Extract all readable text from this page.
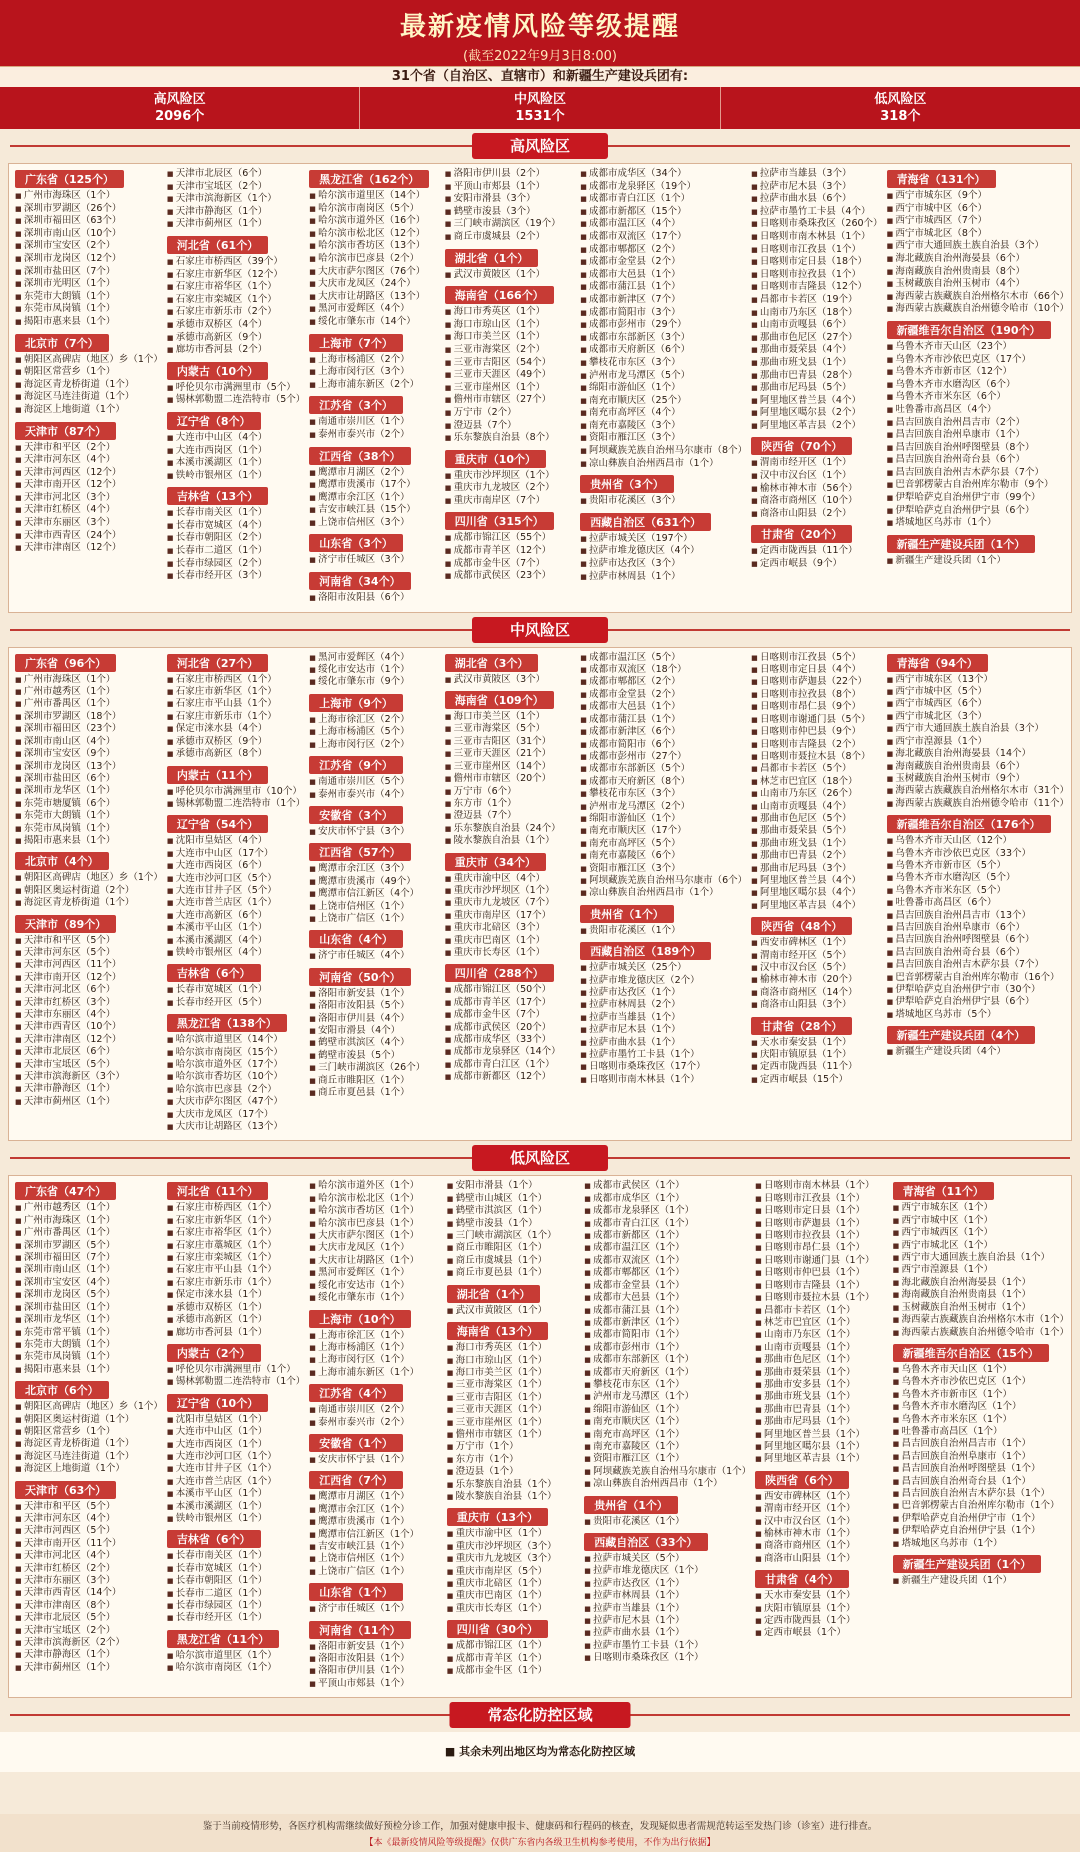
最新疫情风险等级提醒
(截至2022年9月3日8:00)
31个省（自治区、直辖市）和新疆生产建设兵团有:
高风险区
2096个
中风险区
1531个
低风险区
318个
高风险区
广东省（125个）
■ 广州市海珠区（1个）
■ 深圳市罗湖区（26个）
■ 深圳市福田区（63个）
■ 深圳市南山区（10个）
■ 深圳市宝安区（2个）
■ 深圳市龙岗区（12个）
■ 深圳市盐田区（7个）
■ 深圳市光明区（1个）
■ 东莞市大朗镇（1个）
■ 东莞市凤岗镇（1个）
■ 揭阳市惠来县（1个）
北京市（7个）
■ 朝阳区高碑店（地区）乡（1个）
■ 朝阳区常营乡（1个）
■ 海淀区青龙桥街道（1个）
■ 海淀区马连洼街道（1个）
■ 海淀区上地街道（1个）
天津市（87个）
■ 天津市和平区（2个）
■ 天津市河东区（4个）
■ 天津市河西区（12个）
■ 天津市南开区（12个）
■ 天津市河北区（3个）
■ 天津市红桥区（4个）
■ 天津市东丽区（3个）
■ 天津市西青区（24个）
■ 天津市津南区（12个）
■ 天津市北辰区（6个）
■ 天津市宝坻区（2个）
■ 天津市滨海新区（1个）
■ 天津市静海区（1个）
■ 天津市蓟州区（1个）
河北省（61个）
■ 石家庄市桥西区（39个）
■ 石家庄市新华区（12个）
■ 石家庄市裕华区（1个）
■ 石家庄市栾城区（1个）
■ 石家庄市新乐市（2个）
■ 承德市双桥区（4个）
■ 承德市高新区（9个）
■ 廊坊市香河县（2个）
内蒙古（10个）
■ 呼伦贝尔市满洲里市（5个）
■ 锡林郭勒盟二连浩特市（5个）
辽宁省（8个）
■ 大连市中山区（4个）
■ 大连市西岗区（1个）
■ 本溪市溪湖区（1个）
■ 铁岭市银州区（1个）
吉林省（13个）
■ 长春市南关区（1个）
■ 长春市宽城区（4个）
■ 长春市朝阳区（2个）
■ 长春市二道区（1个）
■ 长春市绿园区（2个）
■ 长春市经开区（3个）
黑龙江省（162个）
■ 哈尔滨市道里区（14个）
■ 哈尔滨市南岗区（5个）
■ 哈尔滨市道外区（16个）
■ 哈尔滨市松北区（12个）
■ 哈尔滨市香坊区（13个）
■ 哈尔滨市巴彦县（2个）
■ 大庆市萨尔图区（76个）
■ 大庆市龙凤区（24个）
■ 大庆市让胡路区（13个）
■ 黑河市爱辉区（4个）
■ 绥化市肇东市（14个）
上海市（7个）
■ 上海市杨浦区（2个）
■ 上海市闵行区（3个）
■ 上海市浦东新区（2个）
江苏省（3个）
■ 南通市崇川区（1个）
■ 泰州市泰兴市（2个）
江西省（38个）
■ 鹰潭市月湖区（2个）
■ 鹰潭市贵溪市（17个）
■ 鹰潭市余江区（1个）
■ 吉安市峡江县（15个）
■ 上饶市信州区（3个）
山东省（3个）
■ 济宁市任城区（3个）
河南省（34个）
■ 洛阳市汝阳县（6个）
■ 洛阳市伊川县（2个）
■ 平顶山市郏县（1个）
■ 安阳市滑县（3个）
■ 鹤壁市浚县（3个）
■ 三门峡市湖滨区（19个）
■ 商丘市虞城县（2个）
湖北省（1个）
■ 武汉市黄陂区（1个）
海南省（166个）
■ 海口市秀英区（1个）
■ 海口市琼山区（1个）
■ 海口市美兰区（1个）
■ 三亚市海棠区（2个）
■ 三亚市吉阳区（54个）
■ 三亚市天涯区（49个）
■ 三亚市崖州区（1个）
■ 儋州市市辖区（27个）
■ 万宁市（2个）
■ 澄迈县（7个）
■ 乐东黎族自治县（8个）
重庆市（10个）
■ 重庆市沙坪坝区（1个）
■ 重庆市九龙坡区（2个）
■ 重庆市南岸区（7个）
四川省（315个）
■ 成都市锦江区（55个）
■ 成都市青羊区（12个）
■ 成都市金牛区（7个）
■ 成都市武侯区（23个）
■ 成都市成华区（34个）
■ 成都市龙泉驿区（19个）
■ 成都市青白江区（1个）
■ 成都市新都区（15个）
■ 成都市温江区（4个）
■ 成都市双流区（17个）
■ 成都市郫都区（2个）
■ 成都市金堂县（2个）
■ 成都市大邑县（1个）
■ 成都市蒲江县（1个）
■ 成都市新津区（7个）
■ 成都市简阳市（3个）
■ 成都市彭州市（29个）
■ 成都市东部新区（3个）
■ 成都市天府新区（6个）
■ 攀枝花市东区（3个）
■ 泸州市龙马潭区（5个）
■ 绵阳市游仙区（1个）
■ 南充市顺庆区（25个）
■ 南充市高坪区（4个）
■ 南充市嘉陵区（3个）
■ 资阳市雁江区（3个）
■ 阿坝藏族羌族自治州马尔康市（8个）
■ 凉山彝族自治州西昌市（1个）
贵州省（3个）
■ 贵阳市花溪区（3个）
西藏自治区（631个）
■ 拉萨市城关区（197个）
■ 拉萨市堆龙德庆区（4个）
■ 拉萨市达孜区（3个）
■ 拉萨市林周县（1个）
■ 拉萨市当雄县（3个）
■ 拉萨市尼木县（3个）
■ 拉萨市曲水县（6个）
■ 拉萨市墨竹工卡县（4个）
■ 日喀则市桑珠孜区（260个）
■ 日喀则市南木林县（1个）
■ 日喀则市江孜县（1个）
■ 日喀则市定日县（18个）
■ 日喀则市拉孜县（1个）
■ 日喀则市吉隆县（12个）
■ 昌都市卡若区（19个）
■ 山南市乃东区（18个）
■ 山南市贡嘎县（6个）
■ 那曲市色尼区（27个）
■ 那曲市聂荣县（4个）
■ 那曲市班戈县（1个）
■ 那曲市巴青县（28个）
■ 那曲市尼玛县（5个）
■ 阿里地区普兰县（4个）
■ 阿里地区噶尔县（2个）
■ 阿里地区革吉县（2个）
陕西省（70个）
■ 渭南市经开区（1个）
■ 汉中市汉台区（1个）
■ 榆林市神木市（56个）
■ 商洛市商州区（10个）
■ 商洛市山阳县（2个）
甘肃省（20个）
■ 定西市陇西县（11个）
■ 定西市岷县（9个）
青海省（131个）
■ 西宁市城东区（9个）
■ 西宁市城中区（6个）
■ 西宁市城西区（7个）
■ 西宁市城北区（8个）
■ 西宁市大通回族土族自治县（3个）
■ 海北藏族自治州海晏县（6个）
■ 海南藏族自治州贵南县（8个）
■ 玉树藏族自治州玉树市（4个）
■ 海西蒙古族藏族自治州格尔木市（66个）
■ 海西蒙古族藏族自治州德令哈市（10个）
新疆维吾尔自治区（190个）
■ 乌鲁木齐市天山区（23个）
■ 乌鲁木齐市沙依巴克区（17个）
■ 乌鲁木齐市新市区（12个）
■ 乌鲁木齐市水磨沟区（6个）
■ 乌鲁木齐市米东区（6个）
■ 吐鲁番市高昌区（4个）
■ 昌吉回族自治州昌吉市（2个）
■ 昌吉回族自治州阜康市（1个）
■ 昌吉回族自治州呼图壁县（8个）
■ 昌吉回族自治州奇台县（6个）
■ 昌吉回族自治州吉木萨尔县（7个）
■ 巴音郭楞蒙古自治州库尔勒市（9个）
■ 伊犁哈萨克自治州伊宁市（99个）
■ 伊犁哈萨克自治州伊宁县（6个）
■ 塔城地区乌苏市（1个）
新疆生产建设兵团（1个）
■ 新疆生产建设兵团（1个）
中风险区
广东省（96个）
■ 广州市海珠区（1个）
■ 广州市越秀区（1个）
■ 广州市番禺区（1个）
■ 深圳市罗湖区（18个）
■ 深圳市福田区（23个）
■ 深圳市南山区（4个）
■ 深圳市宝安区（9个）
■ 深圳市龙岗区（13个）
■ 深圳市盐田区（6个）
■ 深圳市龙华区（1个）
■ 东莞市塘厦镇（6个）
■ 东莞市大朗镇（1个）
■ 东莞市凤岗镇（1个）
■ 揭阳市惠来县（1个）
北京市（4个）
■ 朝阳区高碑店（地区）乡（1个）
■ 朝阳区奥运村街道（2个）
■ 海淀区青龙桥街道（1个）
天津市（89个）
■ 天津市和平区（5个）
■ 天津市河东区（5个）
■ 天津市河西区（11个）
■ 天津市南开区（12个）
■ 天津市河北区（6个）
■ 天津市红桥区（3个）
■ 天津市东丽区（4个）
■ 天津市西青区（10个）
■ 天津市津南区（12个）
■ 天津市北辰区（6个）
■ 天津市宝坻区（5个）
■ 天津市滨海新区（3个）
■ 天津市静海区（1个）
■ 天津市蓟州区（1个）
河北省（27个）
■ 石家庄市桥西区（1个）
■ 石家庄市新华区（1个）
■ 石家庄市平山县（1个）
■ 石家庄市新乐市（1个）
■ 保定市涞水县（4个）
■ 承德市双桥区（9个）
■ 承德市高新区（8个）
内蒙古（11个）
■ 呼伦贝尔市满洲里市（10个）
■ 锡林郭勒盟二连浩特市（1个）
辽宁省（54个）
■ 沈阳市皇姑区（4个）
■ 大连市中山区（17个）
■ 大连市西岗区（6个）
■ 大连市沙河口区（5个）
■ 大连市甘井子区（5个）
■ 大连市普兰店区（1个）
■ 大连市高新区（6个）
■ 本溪市平山区（1个）
■ 本溪市溪湖区（4个）
■ 铁岭市银州区（4个）
吉林省（6个）
■ 长春市宽城区（1个）
■ 长春市经开区（5个）
黑龙江省（138个）
■ 哈尔滨市道里区（14个）
■ 哈尔滨市南岗区（15个）
■ 哈尔滨市道外区（17个）
■ 哈尔滨市香坊区（10个）
■ 哈尔滨市巴彦县（2个）
■ 大庆市萨尔图区（47个）
■ 大庆市龙凤区（17个）
■ 大庆市让胡路区（13个）
■ 黑河市爱辉区（4个）
■ 绥化市安达市（1个）
■ 绥化市肇东市（9个）
上海市（9个）
■ 上海市徐汇区（2个）
■ 上海市杨浦区（5个）
■ 上海市闵行区（2个）
江苏省（9个）
■ 南通市崇川区（5个）
■ 泰州市泰兴市（4个）
安徽省（3个）
■ 安庆市怀宁县（3个）
江西省（57个）
■ 鹰潭市余江区（3个）
■ 鹰潭市贵溪市（49个）
■ 鹰潭市信江新区（4个）
■ 上饶市信州区（1个）
■ 上饶市广信区（1个）
山东省（4个）
■ 济宁市任城区（4个）
河南省（50个）
■ 洛阳市新安县（1个）
■ 洛阳市汝阳县（5个）
■ 洛阳市伊川县（4个）
■ 安阳市滑县（4个）
■ 鹤壁市淇滨区（4个）
■ 鹤壁市浚县（5个）
■ 三门峡市湖滨区（26个）
■ 商丘市睢阳区（1个）
■ 商丘市夏邑县（1个）
湖北省（3个）
■ 武汉市黄陂区（3个）
海南省（109个）
■ 海口市美兰区（1个）
■ 三亚市海棠区（5个）
■ 三亚市吉阳区（31个）
■ 三亚市天涯区（21个）
■ 三亚市崖州区（14个）
■ 儋州市市辖区（20个）
■ 万宁市（6个）
■ 东方市（1个）
■ 澄迈县（7个）
■ 乐东黎族自治县（24个）
■ 陵水黎族自治县（1个）
重庆市（34个）
■ 重庆市渝中区（4个）
■ 重庆市沙坪坝区（1个）
■ 重庆市九龙坡区（7个）
■ 重庆市南岸区（17个）
■ 重庆市北碚区（3个）
■ 重庆市巴南区（1个）
■ 重庆市长寿区（1个）
四川省（288个）
■ 成都市锦江区（50个）
■ 成都市青羊区（17个）
■ 成都市金牛区（7个）
■ 成都市武侯区（20个）
■ 成都市成华区（33个）
■ 成都市龙泉驿区（14个）
■ 成都市青白江区（1个）
■ 成都市新都区（12个）
■ 成都市温江区（5个）
■ 成都市双流区（18个）
■ 成都市郫都区（2个）
■ 成都市金堂县（2个）
■ 成都市大邑县（1个）
■ 成都市蒲江县（1个）
■ 成都市新津区（6个）
■ 成都市简阳市（6个）
■ 成都市彭州市（27个）
■ 成都市东部新区（5个）
■ 成都市天府新区（8个）
■ 攀枝花市东区（3个）
■ 泸州市龙马潭区（2个）
■ 绵阳市游仙区（1个）
■ 南充市顺庆区（17个）
■ 南充市高坪区（5个）
■ 南充市嘉陵区（6个）
■ 资阳市雁江区（3个）
■ 阿坝藏族羌族自治州马尔康市（6个）
■ 凉山彝族自治州西昌市（1个）
贵州省（1个）
■ 贵阳市花溪区（1个）
西藏自治区（189个）
■ 拉萨市城关区（25个）
■ 拉萨市堆龙德庆区（2个）
■ 拉萨市达孜区（1个）
■ 拉萨市林周县（2个）
■ 拉萨市当雄县（1个）
■ 拉萨市尼木县（1个）
■ 拉萨市曲水县（1个）
■ 拉萨市墨竹工卡县（1个）
■ 日喀则市桑珠孜区（17个）
■ 日喀则市南木林县（1个）
■ 日喀则市江孜县（5个）
■ 日喀则市定日县（4个）
■ 日喀则市萨迦县（22个）
■ 日喀则市拉孜县（8个）
■ 日喀则市昂仁县（9个）
■ 日喀则市谢通门县（5个）
■ 日喀则市仲巴县（9个）
■ 日喀则市吉隆县（2个）
■ 日喀则市聂拉木县（8个）
■ 昌都市卡若区（5个）
■ 林芝市巴宜区（18个）
■ 山南市乃东区（26个）
■ 山南市贡嘎县（4个）
■ 那曲市色尼区（5个）
■ 那曲市聂荣县（5个）
■ 那曲市班戈县（1个）
■ 那曲市巴青县（2个）
■ 那曲市尼玛县（3个）
■ 阿里地区普兰县（4个）
■ 阿里地区噶尔县（4个）
■ 阿里地区革吉县（4个）
陕西省（48个）
■ 西安市碑林区（1个）
■ 渭南市经开区（5个）
■ 汉中市汉台区（5个）
■ 榆林市神木市（20个）
■ 商洛市商州区（14个）
■ 商洛市山阳县（3个）
甘肃省（28个）
■ 天水市秦安县（1个）
■ 庆阳市镇原县（1个）
■ 定西市陇西县（11个）
■ 定西市岷县（15个）
青海省（94个）
■ 西宁市城东区（13个）
■ 西宁市城中区（5个）
■ 西宁市城西区（6个）
■ 西宁市城北区（3个）
■ 西宁市大通回族土族自治县（3个）
■ 西宁市湟源县（1个）
■ 海北藏族自治州海晏县（14个）
■ 海南藏族自治州贵南县（6个）
■ 玉树藏族自治州玉树市（9个）
■ 海西蒙古族藏族自治州格尔木市（31个）
■ 海西蒙古族藏族自治州德令哈市（11个）
新疆维吾尔自治区（176个）
■ 乌鲁木齐市天山区（12个）
■ 乌鲁木齐市沙依巴克区（33个）
■ 乌鲁木齐市新市区（5个）
■ 乌鲁木齐市水磨沟区（5个）
■ 乌鲁木齐市米东区（5个）
■ 吐鲁番市高昌区（6个）
■ 昌吉回族自治州昌吉市（13个）
■ 昌吉回族自治州阜康市（6个）
■ 昌吉回族自治州呼图壁县（6个）
■ 昌吉回族自治州奇台县（6个）
■ 昌吉回族自治州吉木萨尔县（7个）
■ 巴音郭楞蒙古自治州库尔勒市（16个）
■ 伊犁哈萨克自治州伊宁市（30个）
■ 伊犁哈萨克自治州伊宁县（6个）
■ 塔城地区乌苏市（5个）
新疆生产建设兵团（4个）
■ 新疆生产建设兵团（4个）
低风险区
广东省（47个）
■ 广州市越秀区（1个）
■ 广州市海珠区（1个）
■ 广州市番禺区（1个）
■ 深圳市罗湖区（5个）
■ 深圳市福田区（7个）
■ 深圳市南山区（1个）
■ 深圳市宝安区（4个）
■ 深圳市龙岗区（5个）
■ 深圳市盐田区（1个）
■ 深圳市龙华区（1个）
■ 东莞市常平镇（1个）
■ 东莞市大朗镇（1个）
■ 东莞市凤岗镇（1个）
■ 揭阳市惠来县（1个）
北京市（6个）
■ 朝阳区高碑店（地区）乡（1个）
■ 朝阳区奥运村街道（1个）
■ 朝阳区常营乡（1个）
■ 海淀区青龙桥街道（1个）
■ 海淀区马连洼街道（1个）
■ 海淀区上地街道（1个）
天津市（63个）
■ 天津市和平区（5个）
■ 天津市河东区（4个）
■ 天津市河西区（5个）
■ 天津市南开区（11个）
■ 天津市河北区（4个）
■ 天津市红桥区（2个）
■ 天津市东丽区（3个）
■ 天津市西青区（14个）
■ 天津市津南区（8个）
■ 天津市北辰区（5个）
■ 天津市宝坻区（2个）
■ 天津市滨海新区（2个）
■ 天津市静海区（1个）
■ 天津市蓟州区（1个）
河北省（11个）
■ 石家庄市桥西区（1个）
■ 石家庄市新华区（1个）
■ 石家庄市裕华区（1个）
■ 石家庄市藁城区（1个）
■ 石家庄市栾城区（1个）
■ 石家庄市平山县（1个）
■ 石家庄市新乐市（1个）
■ 保定市涞水县（1个）
■ 承德市双桥区（1个）
■ 承德市高新区（1个）
■ 廊坊市香河县（1个）
内蒙古（2个）
■ 呼伦贝尔市满洲里市（1个）
■ 锡林郭勒盟二连浩特市（1个）
辽宁省（10个）
■ 沈阳市皇姑区（1个）
■ 大连市中山区（1个）
■ 大连市西岗区（1个）
■ 大连市沙河口区（1个）
■ 大连市甘井子区（1个）
■ 大连市普兰店区（1个）
■ 本溪市平山区（1个）
■ 本溪市溪湖区（1个）
■ 铁岭市银州区（1个）
吉林省（6个）
■ 长春市南关区（1个）
■ 长春市宽城区（1个）
■ 长春市朝阳区（1个）
■ 长春市二道区（1个）
■ 长春市绿园区（1个）
■ 长春市经开区（1个）
黑龙江省（11个）
■ 哈尔滨市道里区（1个）
■ 哈尔滨市南岗区（1个）
■ 哈尔滨市道外区（1个）
■ 哈尔滨市松北区（1个）
■ 哈尔滨市香坊区（1个）
■ 哈尔滨市巴彦县（1个）
■ 大庆市萨尔图区（1个）
■ 大庆市龙凤区（1个）
■ 大庆市让胡路区（1个）
■ 黑河市爱辉区（1个）
■ 绥化市安达市（1个）
■ 绥化市肇东市（1个）
上海市（10个）
■ 上海市徐汇区（1个）
■ 上海市杨浦区（1个）
■ 上海市闵行区（1个）
■ 上海市浦东新区（1个）
江苏省（4个）
■ 南通市崇川区（2个）
■ 泰州市泰兴市（2个）
安徽省（1个）
■ 安庆市怀宁县（1个）
江西省（7个）
■ 鹰潭市月湖区（1个）
■ 鹰潭市余江区（1个）
■ 鹰潭市贵溪市（1个）
■ 鹰潭市信江新区（1个）
■ 吉安市峡江县（1个）
■ 上饶市信州区（1个）
■ 上饶市广信区（1个）
山东省（1个）
■ 济宁市任城区（1个）
河南省（11个）
■ 洛阳市新安县（1个）
■ 洛阳市汝阳县（1个）
■ 洛阳市伊川县（1个）
■ 平顶山市郏县（1个）
■ 安阳市滑县（1个）
■ 鹤壁市山城区（1个）
■ 鹤壁市淇滨区（1个）
■ 鹤壁市浚县（1个）
■ 三门峡市湖滨区（1个）
■ 商丘市睢阳区（1个）
■ 商丘市虞城县（1个）
■ 商丘市夏邑县（1个）
湖北省（1个）
■ 武汉市黄陂区（1个）
海南省（13个）
■ 海口市秀英区（1个）
■ 海口市琼山区（1个）
■ 海口市美兰区（1个）
■ 三亚市海棠区（1个）
■ 三亚市吉阳区（1个）
■ 三亚市天涯区（1个）
■ 三亚市崖州区（1个）
■ 儋州市市辖区（1个）
■ 万宁市（1个）
■ 东方市（1个）
■ 澄迈县（1个）
■ 乐东黎族自治县（1个）
■ 陵水黎族自治县（1个）
重庆市（13个）
■ 重庆市渝中区（1个）
■ 重庆市沙坪坝区（3个）
■ 重庆市九龙坡区（3个）
■ 重庆市南岸区（5个）
■ 重庆市北碚区（1个）
■ 重庆市巴南区（1个）
■ 重庆市长寿区（1个）
四川省（30个）
■ 成都市锦江区（1个）
■ 成都市青羊区（1个）
■ 成都市金牛区（1个）
■ 成都市武侯区（1个）
■ 成都市成华区（1个）
■ 成都市龙泉驿区（1个）
■ 成都市青白江区（1个）
■ 成都市新都区（1个）
■ 成都市温江区（1个）
■ 成都市双流区（1个）
■ 成都市郫都区（1个）
■ 成都市金堂县（1个）
■ 成都市大邑县（1个）
■ 成都市蒲江县（1个）
■ 成都市新津区（1个）
■ 成都市简阳市（1个）
■ 成都市彭州市（1个）
■ 成都市东部新区（1个）
■ 成都市天府新区（1个）
■ 攀枝花市东区（1个）
■ 泸州市龙马潭区（1个）
■ 绵阳市游仙区（1个）
■ 南充市顺庆区（1个）
■ 南充市高坪区（1个）
■ 南充市嘉陵区（1个）
■ 资阳市雁江区（1个）
■ 阿坝藏族羌族自治州马尔康市（1个）
■ 凉山彝族自治州西昌市（1个）
贵州省（1个）
■ 贵阳市花溪区（1个）
西藏自治区（33个）
■ 拉萨市城关区（5个）
■ 拉萨市堆龙德庆区（1个）
■ 拉萨市达孜区（1个）
■ 拉萨市林周县（1个）
■ 拉萨市当雄县（1个）
■ 拉萨市尼木县（1个）
■ 拉萨市曲水县（1个）
■ 拉萨市墨竹工卡县（1个）
■ 日喀则市桑珠孜区（1个）
■ 日喀则市南木林县（1个）
■ 日喀则市江孜县（1个）
■ 日喀则市定日县（1个）
■ 日喀则市萨迦县（1个）
■ 日喀则市拉孜县（1个）
■ 日喀则市昂仁县（1个）
■ 日喀则市谢通门县（1个）
■ 日喀则市仲巴县（1个）
■ 日喀则市吉隆县（1个）
■ 日喀则市聂拉木县（1个）
■ 昌都市卡若区（1个）
■ 林芝市巴宜区（1个）
■ 山南市乃东区（1个）
■ 山南市贡嘎县（1个）
■ 那曲市色尼区（1个）
■ 那曲市聂荣县（1个）
■ 那曲市安多县（1个）
■ 那曲市班戈县（1个）
■ 那曲市巴青县（1个）
■ 那曲市尼玛县（1个）
■ 阿里地区普兰县（1个）
■ 阿里地区噶尔县（1个）
■ 阿里地区革吉县（1个）
陕西省（6个）
■ 西安市碑林区（1个）
■ 渭南市经开区（1个）
■ 汉中市汉台区（1个）
■ 榆林市神木市（1个）
■ 商洛市商州区（1个）
■ 商洛市山阳县（1个）
甘肃省（4个）
■ 天水市秦安县（1个）
■ 庆阳市镇原县（1个）
■ 定西市陇西县（1个）
■ 定西市岷县（1个）
青海省（11个）
■ 西宁市城东区（1个）
■ 西宁市城中区（1个）
■ 西宁市城西区（1个）
■ 西宁市城北区（1个）
■ 西宁市大通回族土族自治县（1个）
■ 西宁市湟源县（1个）
■ 海北藏族自治州海晏县（1个）
■ 海南藏族自治州贵南县（1个）
■ 玉树藏族自治州玉树市（1个）
■ 海西蒙古族藏族自治州格尔木市（1个）
■ 海西蒙古族藏族自治州德令哈市（1个）
新疆维吾尔自治区（15个）
■ 乌鲁木齐市天山区（1个）
■ 乌鲁木齐市沙依巴克区（1个）
■ 乌鲁木齐市新市区（1个）
■ 乌鲁木齐市水磨沟区（1个）
■ 乌鲁木齐市米东区（1个）
■ 吐鲁番市高昌区（1个）
■ 昌吉回族自治州昌吉市（1个）
■ 昌吉回族自治州阜康市（1个）
■ 昌吉回族自治州呼图壁县（1个）
■ 昌吉回族自治州奇台县（1个）
■ 昌吉回族自治州吉木萨尔县（1个）
■ 巴音郭楞蒙古自治州库尔勒市（1个）
■ 伊犁哈萨克自治州伊宁市（1个）
■ 伊犁哈萨克自治州伊宁县（1个）
■ 塔城地区乌苏市（1个）
新疆生产建设兵团（1个）
■ 新疆生产建设兵团（1个）
常态化防控区域
■ 其余未列出地区均为常态化防控区域
鉴于当前疫情形势，各医疗机构需继续做好预检分诊工作，加强对健康申报卡、健康码和行程码的核查，发现疑似患者需规范转运至发热门诊（诊室）进行排查。
【本《最新疫情风险等级提醒》仅供广东省内各级卫生机构参考使用，不作为出行依据】
